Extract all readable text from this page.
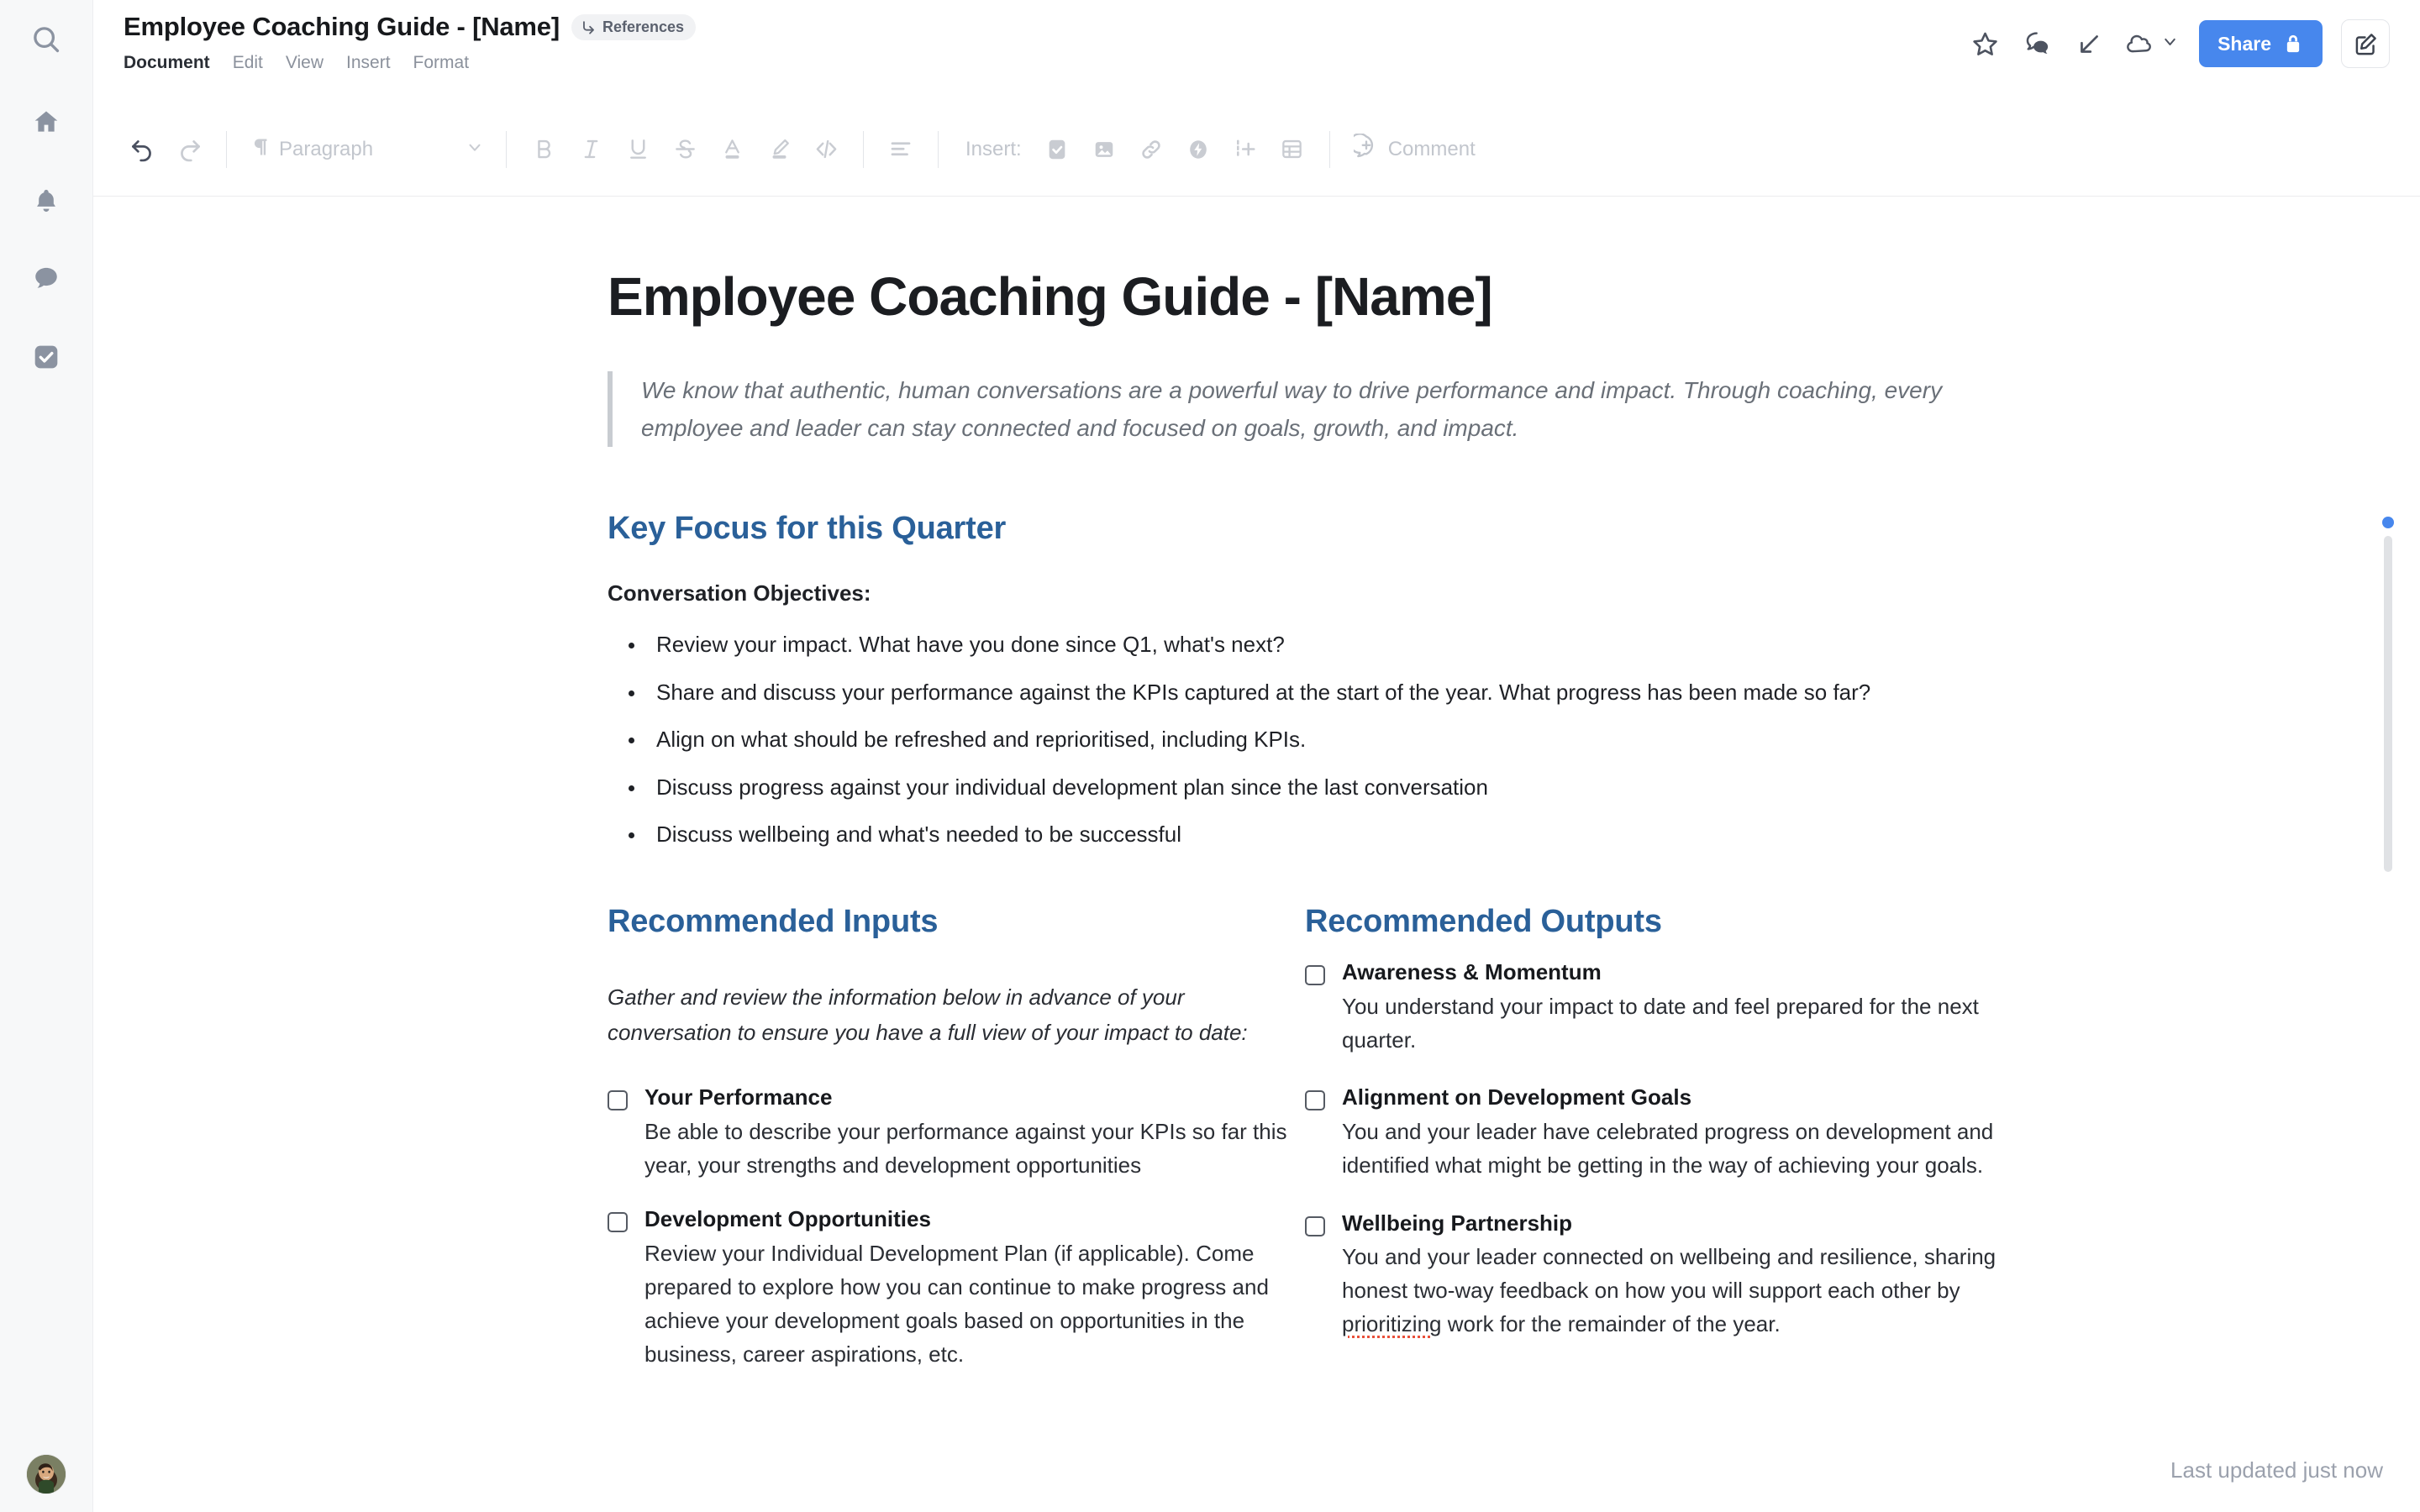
Employee Coaching Guide - [Name]	References
Document Edit View Insert Format
Share
Paragraph	Insert:	Comment
Employee Coaching Guide - [Name]
We know that authentic, human conversations are a powerful way to drive performance and impact. Through coaching, every employee and leader can stay connected and focused on goals, growth, and impact.
Key Focus for this Quarter
Conversation Objectives:
• Review your impact. What have you done since Q1, what's next?
• Share and discuss your performance against the KPIs captured at the start of the year. What progress has been made so far?
• Align on what should be refreshed and reprioritised, including KPIs.
• Discuss progress against your individual development plan since the last conversation
• Discuss wellbeing and what's needed to be successful
Recommended Inputs
Gather and review the information below in advance of your conversation to ensure you have a full view of your impact to date:
Your Performance
Be able to describe your performance against your KPIs so far this year, your strengths and development opportunities
Development Opportunities
Review your Individual Development Plan (if applicable). Come prepared to explore how you can continue to make progress and achieve your development goals based on opportunities in the business, career aspirations, etc.
Recommended Outputs
Awareness & Momentum
You understand your impact to date and feel prepared for the next quarter.
Alignment on Development Goals
You and your leader have celebrated progress on development and identified what might be getting in the way of achieving your goals.
Wellbeing Partnership
You and your leader connected on wellbeing and resilience, sharing honest two-way feedback on how you will support each other by prioritizing work for the remainder of the year.
Last updated just now
